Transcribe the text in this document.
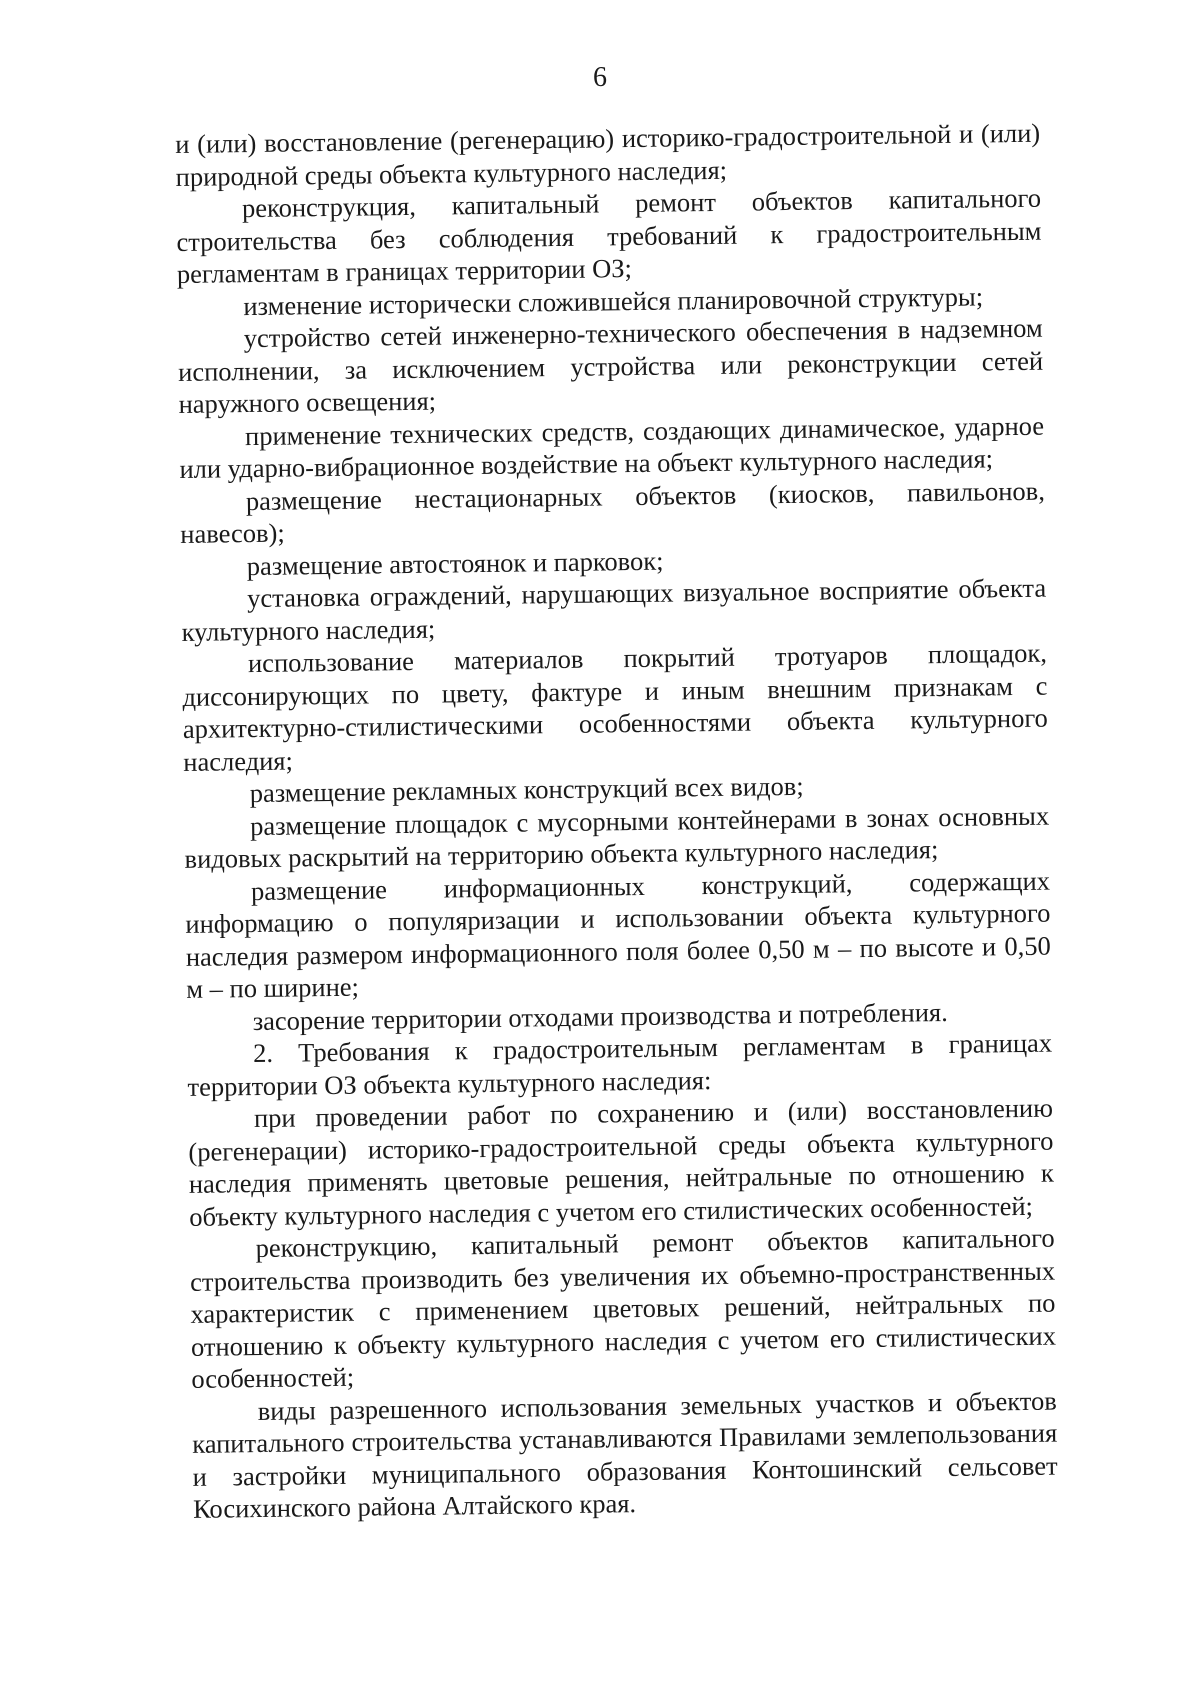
6

и (или) восстановление (регенерацию) историко-градостроительной и (или) природной среды объекта культурного наследия;

реконструкция, капитальный ремонт объектов капитального строительства без соблюдения требований к градостроительным регламентам в границах территории ОЗ;

изменение исторически сложившейся планировочной структуры;

устройство сетей инженерно-технического обеспечения в надземном исполнении, за исключением устройства или реконструкции сетей наружного освещения;

применение технических средств, создающих динамическое, ударное или ударно-вибрационное воздействие на объект культурного наследия;

размещение нестационарных объектов (киосков, павильонов, навесов);

размещение автостоянок и парковок;

установка ограждений, нарушающих визуальное восприятие объекта культурного наследия;

использование материалов покрытий тротуаров площадок, диссонирующих по цвету, фактуре и иным внешним признакам с архитектурно-стилистическими особенностями объекта культурного наследия;

размещение рекламных конструкций всех видов;

размещение площадок с мусорными контейнерами в зонах основных видовых раскрытий на территорию объекта культурного наследия;

размещение информационных конструкций, содержащих информацию о популяризации и использовании объекта культурного наследия размером информационного поля более 0,50 м – по высоте и 0,50 м – по ширине;

засорение территории отходами производства и потребления.

2. Требования к градостроительным регламентам в границах территории ОЗ объекта культурного наследия:

при проведении работ по сохранению и (или) восстановлению (регенерации) историко-градостроительной среды объекта культурного наследия применять цветовые решения, нейтральные по отношению к объекту культурного наследия с учетом его стилистических особенностей;

реконструкцию, капитальный ремонт объектов капитального строительства производить без увеличения их объемно-пространственных характеристик с применением цветовых решений, нейтральных по отношению к объекту культурного наследия с учетом его стилистических особенностей;

виды разрешенного использования земельных участков и объектов капитального строительства устанавливаются Правилами землепользования и застройки муниципального образования Контошинский сельсовет Косихинского района Алтайского края.
